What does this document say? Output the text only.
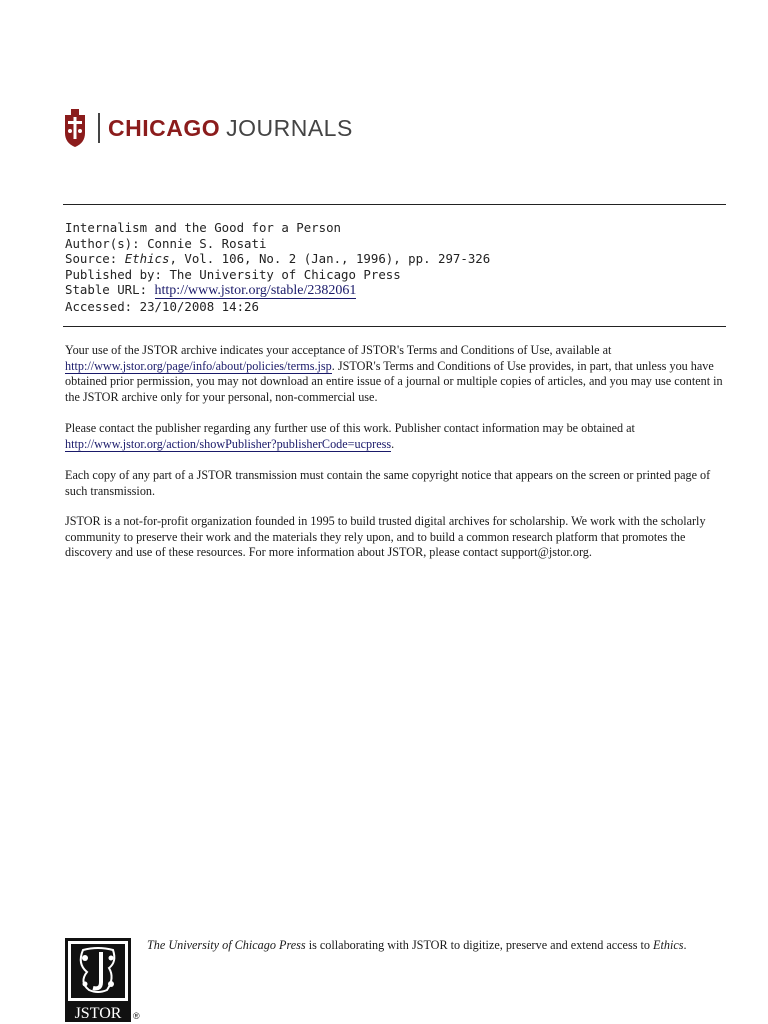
CHICAGO JOURNALS
Internalism and the Good for a Person
Author(s): Connie S. Rosati
Source: Ethics, Vol. 106, No. 2 (Jan., 1996), pp. 297-326
Published by: The University of Chicago Press
Stable URL: http://www.jstor.org/stable/2382061
Accessed: 23/10/2008 14:26
Your use of the JSTOR archive indicates your acceptance of JSTOR's Terms and Conditions of Use, available at http://www.jstor.org/page/info/about/policies/terms.jsp. JSTOR's Terms and Conditions of Use provides, in part, that unless you have obtained prior permission, you may not download an entire issue of a journal or multiple copies of articles, and you may use content in the JSTOR archive only for your personal, non-commercial use.
Please contact the publisher regarding any further use of this work. Publisher contact information may be obtained at http://www.jstor.org/action/showPublisher?publisherCode=ucpress.
Each copy of any part of a JSTOR transmission must contain the same copyright notice that appears on the screen or printed page of such transmission.
JSTOR is a not-for-profit organization founded in 1995 to build trusted digital archives for scholarship. We work with the scholarly community to preserve their work and the materials they rely upon, and to build a common research platform that promotes the discovery and use of these resources. For more information about JSTOR, please contact support@jstor.org.
JSTOR ®
The University of Chicago Press is collaborating with JSTOR to digitize, preserve and extend access to Ethics.
